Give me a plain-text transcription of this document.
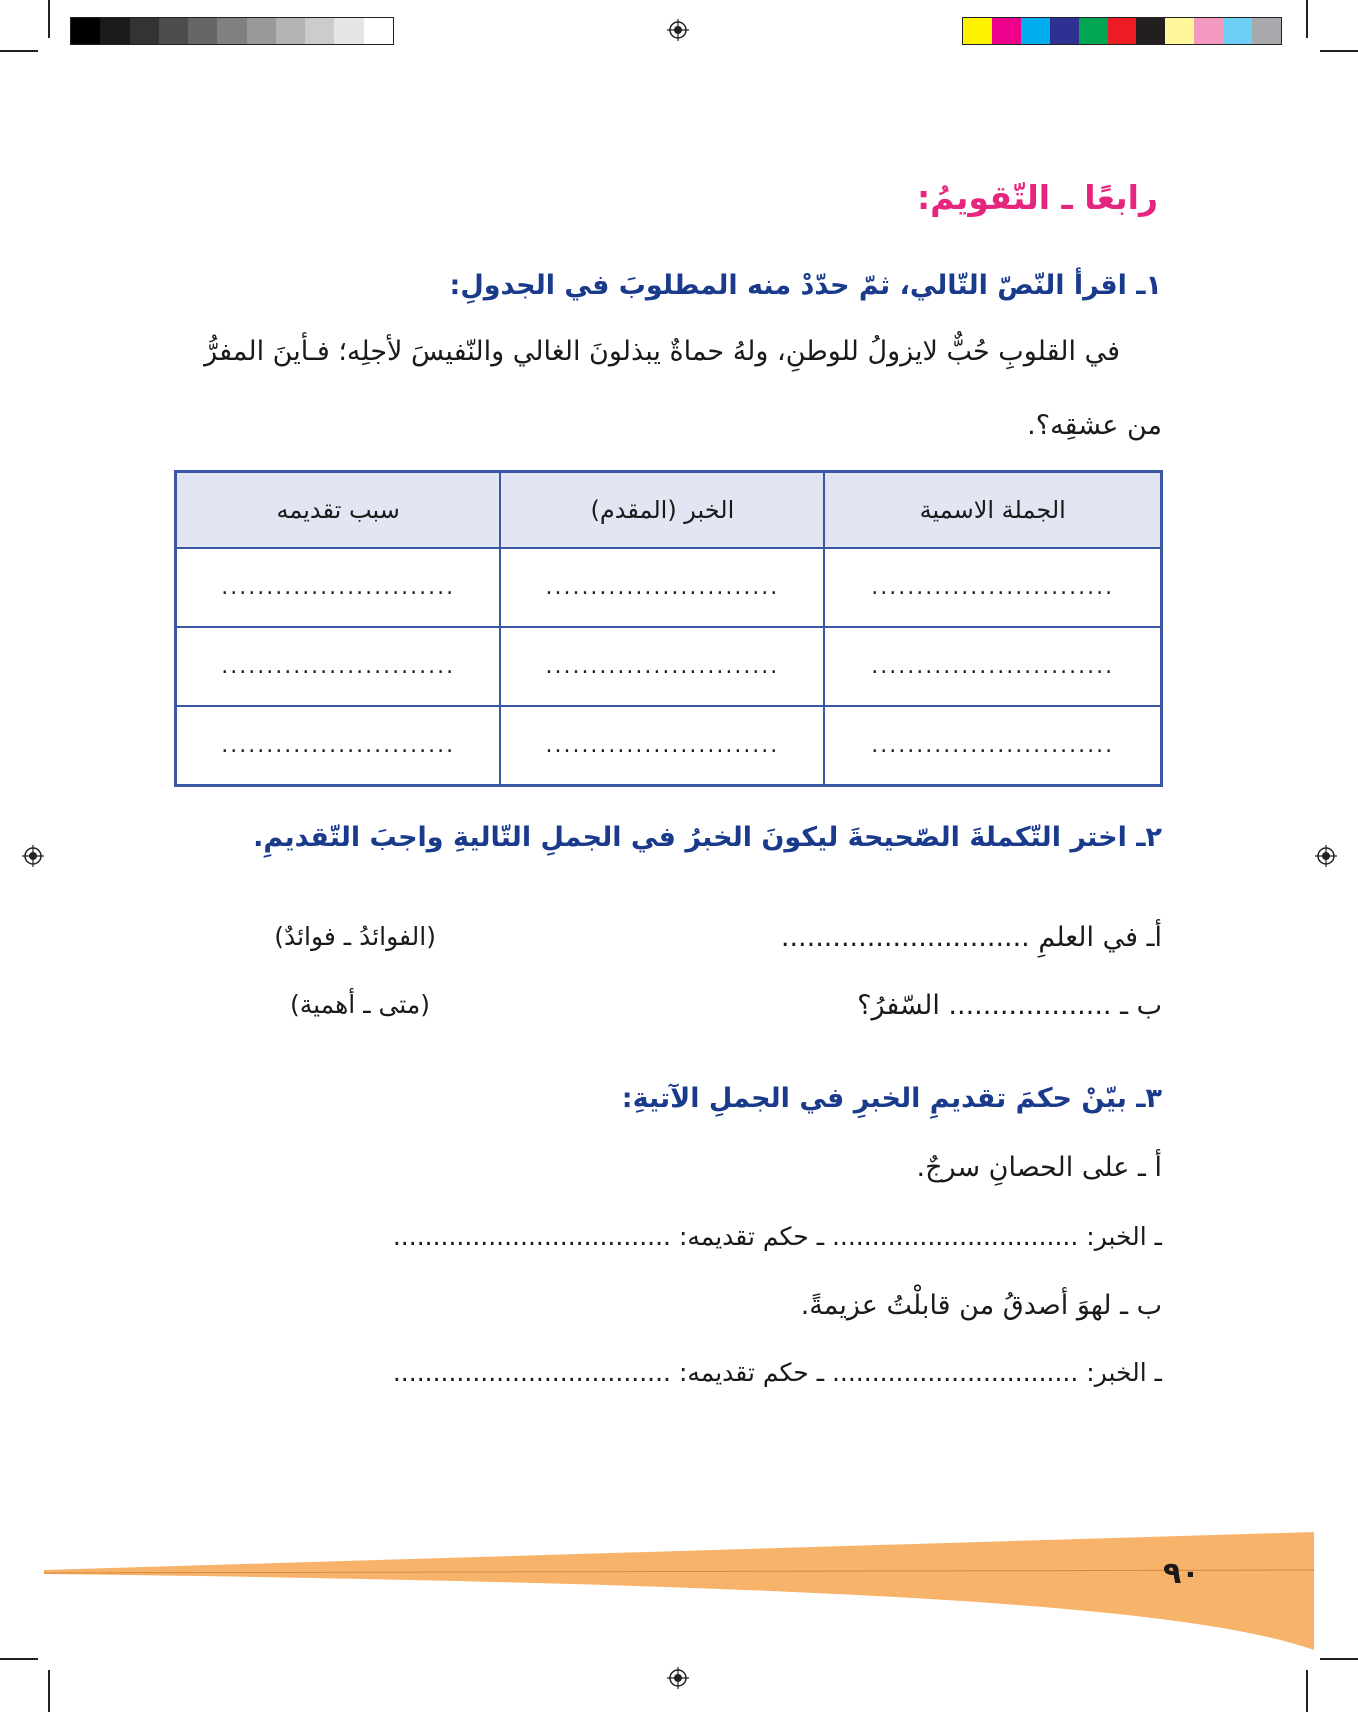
رابعًا ـ التّقويمُ:
١ـ اقرأ النّصّ التّالي، ثمّ حدّدْ منه المطلوبَ في الجدولِ:
في القلوبِ حُبٌّ لايزولُ للوطنِ، ولهُ حماةٌ يبذلونَ الغالي والنّفيسَ لأجلِه؛ فـأينَ المفرُّ
من عشقِه؟.
الجملة الاسمية	الخبر (المقدم)	سبب تقديمه
...........................	..........................	..........................
...........................	..........................	..........................
...........................	..........................	..........................
٢ـ اختر التّكملةَ الصّحيحةَ ليكونَ الخبرُ في الجملِ التّاليةِ واجبَ التّقديمِ.
أـ في العلمِ .............................
(الفوائدُ ـ فوائدٌ)
ب ـ ................... السّفرُ؟
(متى ـ أهمية)
٣ـ بيّنْ حكمَ تقديمِ الخبرِ في الجملِ الآتيةِ:
أ ـ على الحصانِ سرجٌ.
ـ الخبر: ............................... ـ حكم تقديمه: ...................................
ب ـ لهوَ أصدقُ من قابلْتُ عزيمةً.
ـ الخبر: ............................... ـ حكم تقديمه: ...................................
٩٠
